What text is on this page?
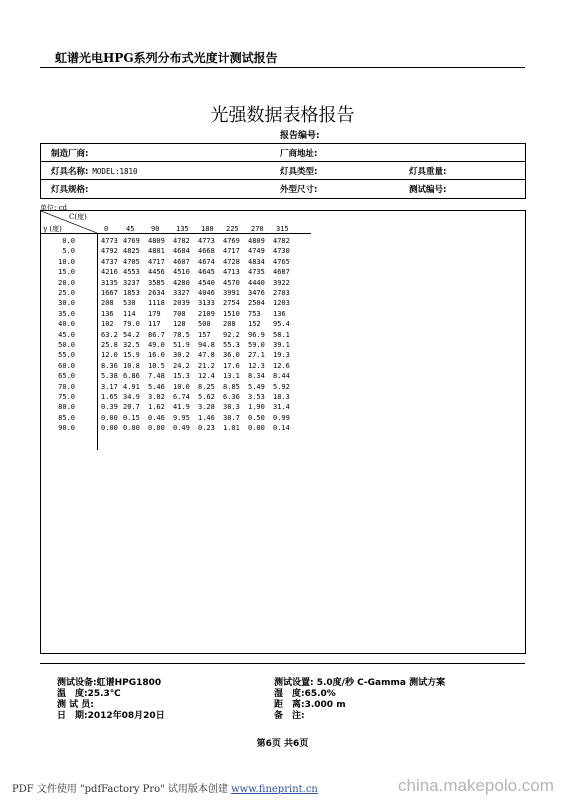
虹谱光电HPG系列分布式光度计测试报告
光强数据表格报告
报告编号:
制造厂商:	厂商地址:
灯具名称: MODEL:1810	灯具类型:	灯具重量:
灯具规格:	外型尺寸:	测试编号:
单位: cd
C(度)
γ (度)	0	45 90 135 180 225 270 315
0.0	4773 4769 4809 4782 4773 4769 4809 4782
5.0	4792 4825 4801 4684 4668 4717 4749 4730
10.0	4737 4705 4717 4607 4674 4728 4834 4765
15.0	4216 4553 4456 4510 4645 4713 4735 4687
20.0	3135 3237 3585 4280 4540 4570 4440 3922
25.0	1667 1853 2634 3327 4046 3991 3476 2703
30.0	208 530 1118 2039 3133 2754 2504 1203
35.0	136 114 179 708 2109 1510 753 136
40.0	102 79.0 117 128 500 208 152 95.4
45.0	63.2 54.2 86.7 78.5 157 92.2 96.9 58.1
50.0	25.8 32.5 49.0 51.9 94.8 55.3 59.0 39.1
55.0	12.0 15.9 16.0 30.2 47.8 36.0 27.1 19.3
60.0	8.36 10.8 10.5 24.2 21.2 17.6 12.3 12.6
65.0	5.38 6.86 7.48 15.3 12.4 13.1 8.34 8.44
70.0	3.17 4.91 5.46 10.0 8.25 8.85 5.49 5.92
75.0	1.65 34.9 3.02 6.74 5.62 6.36 3.53 18.3
80.0	0.39 20.7 1.62 41.9 3.28 38.3 1.90 31.4
85.0	0.00 0.15 0.46 9.95 1.46 30.7 0.50 0.99
90.0	0.00 0.00 0.00 0.49 0.23 1.01 0.00 0.14
测试设备:虹谱HPG1800
温　度:25.3℃
测 试 员:
日　期:2012年08月20日
测试设置: 5.0度/秒 C-Gamma 测试方案
湿　度:65.0%
距　离:3.000 m
备　注:
第6页 共6页
PDF 文件使用 "pdfFactory Pro" 试用版本创建 www.fineprint.cn	china.makepolo.com
